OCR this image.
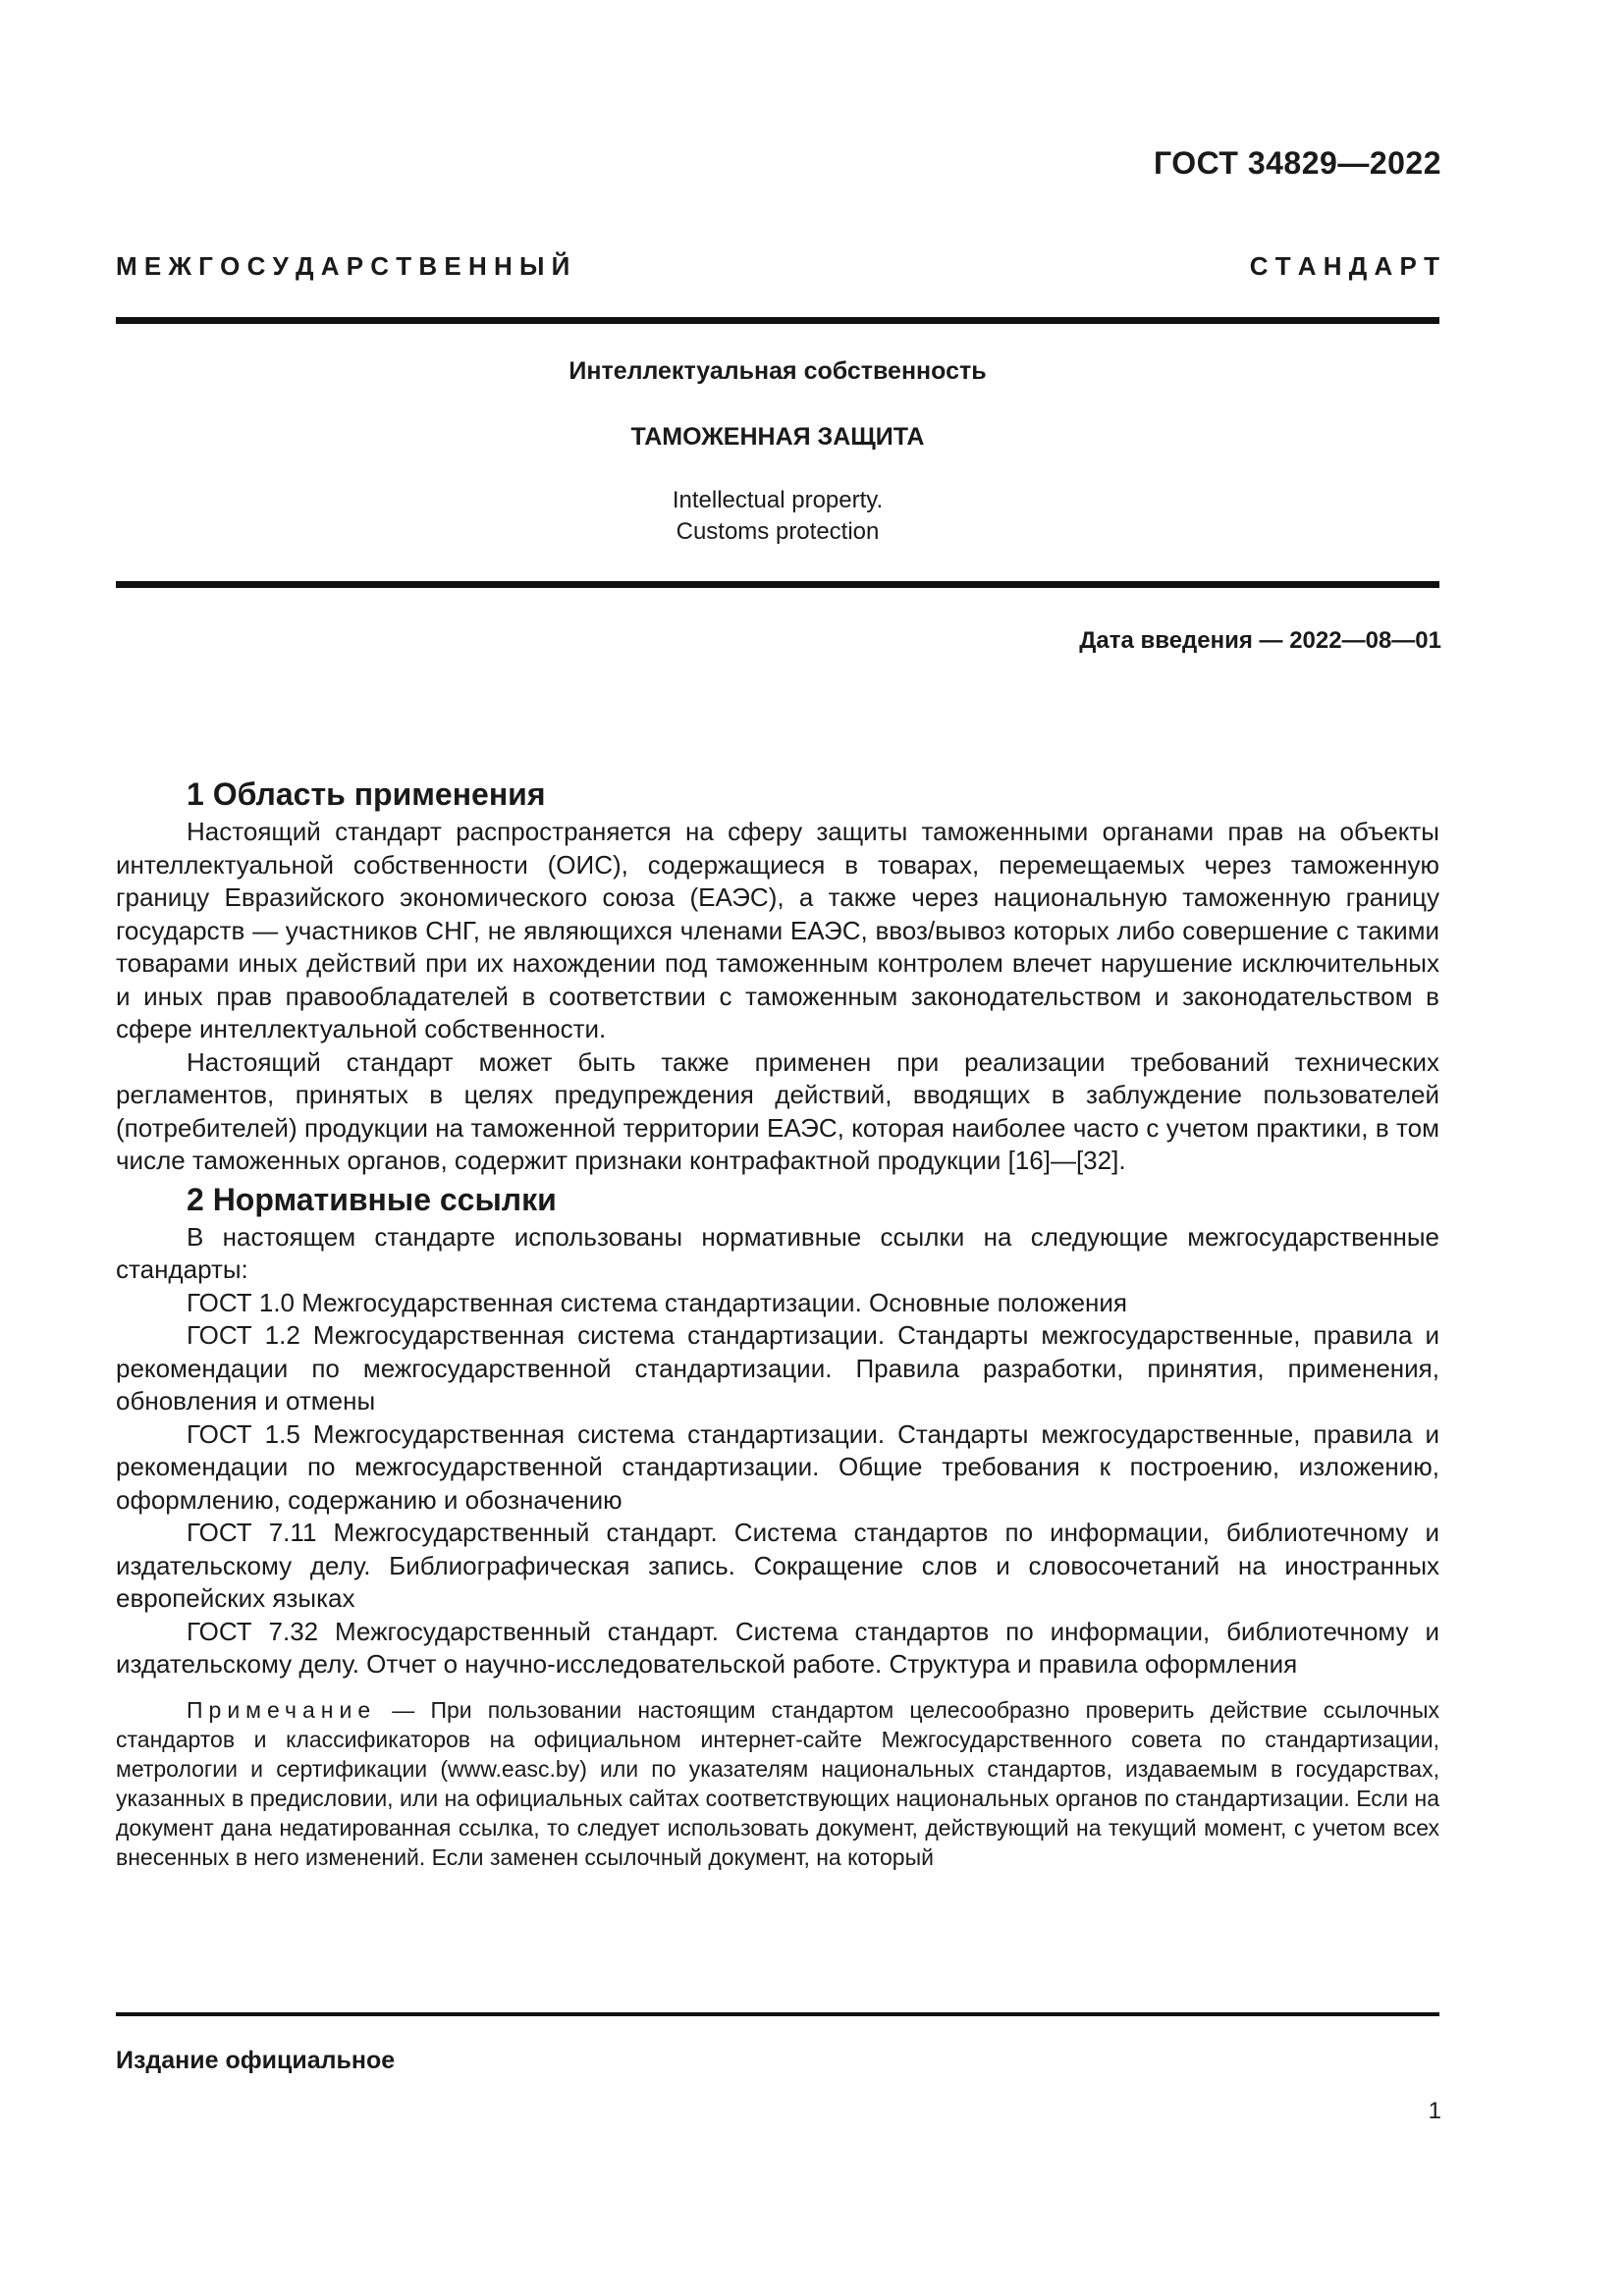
ГОСТ 34829—2022
М Е Ж Г О С У Д А Р С Т В Е Н Н Ы Й	С Т А Н Д А Р Т
Интеллектуальная собственность
ТАМОЖЕННАЯ ЗАЩИТА
Intellectual property.
Customs protection
Дата введения — 2022—08—01
1 Область применения

Настоящий стандарт распространяется на сферу защиты таможенными органами прав на объекты интеллектуальной собственности (ОИС), содержащиеся в товарах, перемещаемых через таможенную границу Евразийского экономического союза (ЕАЭС), а также через национальную таможенную границу государств — участников СНГ, не являющихся членами ЕАЭС, ввоз/вывоз которых либо совершение с такими товарами иных действий при их нахождении под таможенным контролем влечет нарушение исключительных и иных прав правообладателей в соответствии с таможенным законодательством и законодательством в сфере интеллектуальной собственности.

Настоящий стандарт может быть также применен при реализации требований технических регламентов, принятых в целях предупреждения действий, вводящих в заблуждение пользователей (потребителей) продукции на таможенной территории ЕАЭС, которая наиболее часто с учетом практики, в том числе таможенных органов, содержит признаки контрафактной продукции [16]—[32].

2 Нормативные ссылки

В настоящем стандарте использованы нормативные ссылки на следующие межгосударственные стандарты:

ГОСТ 1.0 Межгосударственная система стандартизации. Основные положения

ГОСТ 1.2 Межгосударственная система стандартизации. Стандарты межгосударственные, правила и рекомендации по межгосударственной стандартизации. Правила разработки, принятия, применения, обновления и отмены

ГОСТ 1.5 Межгосударственная система стандартизации. Стандарты межгосударственные, правила и рекомендации по межгосударственной стандартизации. Общие требования к построению, изложению, оформлению, содержанию и обозначению

ГОСТ 7.11 Межгосударственный стандарт. Система стандартов по информации, библиотечному и издательскому делу. Библиографическая запись. Сокращение слов и словосочетаний на иностранных европейских языках

ГОСТ 7.32 Межгосударственный стандарт. Система стандартов по информации, библиотечному и издательскому делу. Отчет о научно-исследовательской работе. Структура и правила оформления

Примечание — При пользовании настоящим стандартом целесообразно проверить действие ссылочных стандартов и классификаторов на официальном интернет-сайте Межгосударственного совета по стандартизации, метрологии и сертификации (www.easc.by) или по указателям национальных стандартов, издаваемым в государствах, указанных в предисловии, или на официальных сайтах соответствующих национальных органов по стандартизации. Если на документ дана недатированная ссылка, то следует использовать документ, действующий на текущий момент, с учетом всех внесенных в него изменений. Если заменен ссылочный документ, на который

Издание официальное
1
